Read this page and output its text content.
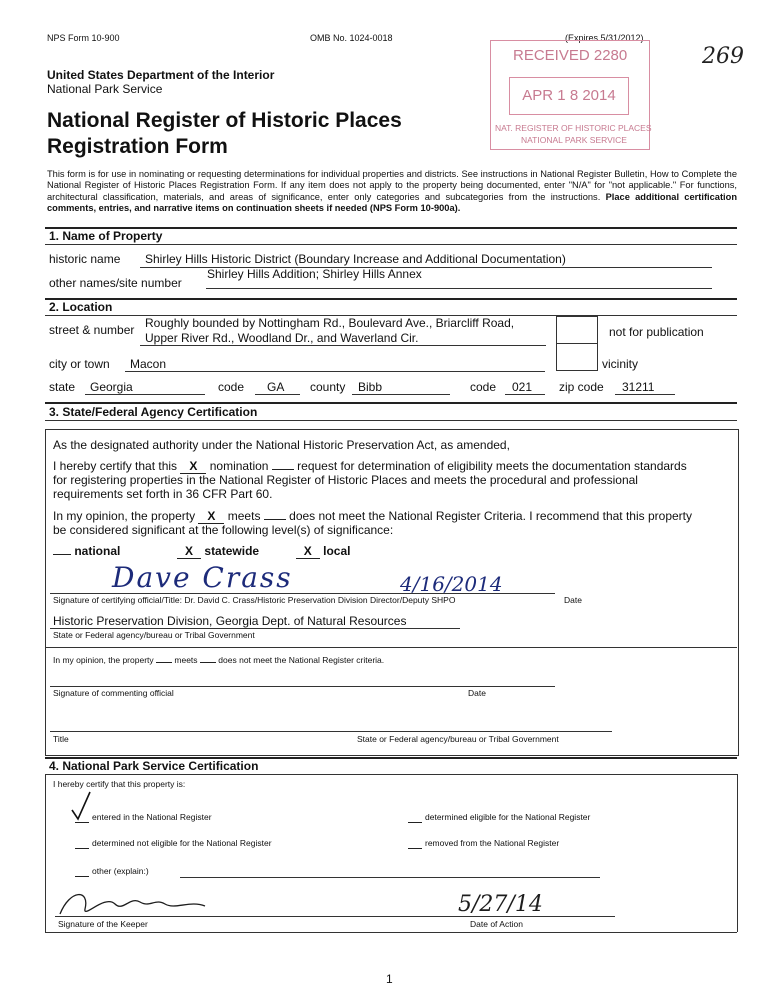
NPS Form 10-900	OMB No. 1024-0018	(Expires 5/31/2012)
269
RECEIVED 2280
APR 1 8 2014
NAT. REGISTER OF HISTORIC PLACES
NATIONAL PARK SERVICE
United States Department of the Interior
National Park Service
National Register of Historic Places
Registration Form
This form is for use in nominating or requesting determinations for individual properties and districts. See instructions in National Register Bulletin, How to Complete the National Register of Historic Places Registration Form. If any item does not apply to the property being documented, enter "N/A" for "not applicable." For functions, architectural classification, materials, and areas of significance, enter only categories and subcategories from the instructions. Place additional certification comments, entries, and narrative items on continuation sheets if needed (NPS Form 10-900a).
1. Name of Property
historic name Shirley Hills Historic District (Boundary Increase and Additional Documentation)
other names/site number
Shirley Hills Addition; Shirley Hills Annex
2. Location
street & number Roughly bounded by Nottingham Rd., Boulevard Ave., Briarcliff Road,
Upper River Rd., Woodland Dr., and Waverland Cir.	not for publication
city or town Macon	vicinity
state Georgia	code GA county Bibb	code 021 zip code 31211
3. State/Federal Agency Certification
As the designated authority under the National Historic Preservation Act, as amended,
I hereby certify that this X nomination request for determination of eligibility meets the documentation standards
for registering properties in the National Register of Historic Places and meets the procedural and professional
requirements set forth in 36 CFR Part 60.
In my opinion, the property X meets does not meet the National Register Criteria. I recommend that this property
be considered significant at the following level(s) of significance:
national	X statewide	X local
Dave Crass	4/16/2014
Signature of certifying official/Title: Dr. David C. Crass/Historic Preservation Division Director/Deputy SHPO	Date
Historic Preservation Division, Georgia Dept. of Natural Resources
State or Federal agency/bureau or Tribal Government
In my opinion, the property meets does not meet the National Register criteria.
Signature of commenting official	Date
Title	State or Federal agency/bureau or Tribal Government
4. National Park Service Certification
I hereby certify that this property is:
entered in the National Register	determined eligible for the National Register
determined not eligible for the National Register	removed from the National Register
other (explain:)
5/27/14
Signature of the Keeper	Date of Action
1
